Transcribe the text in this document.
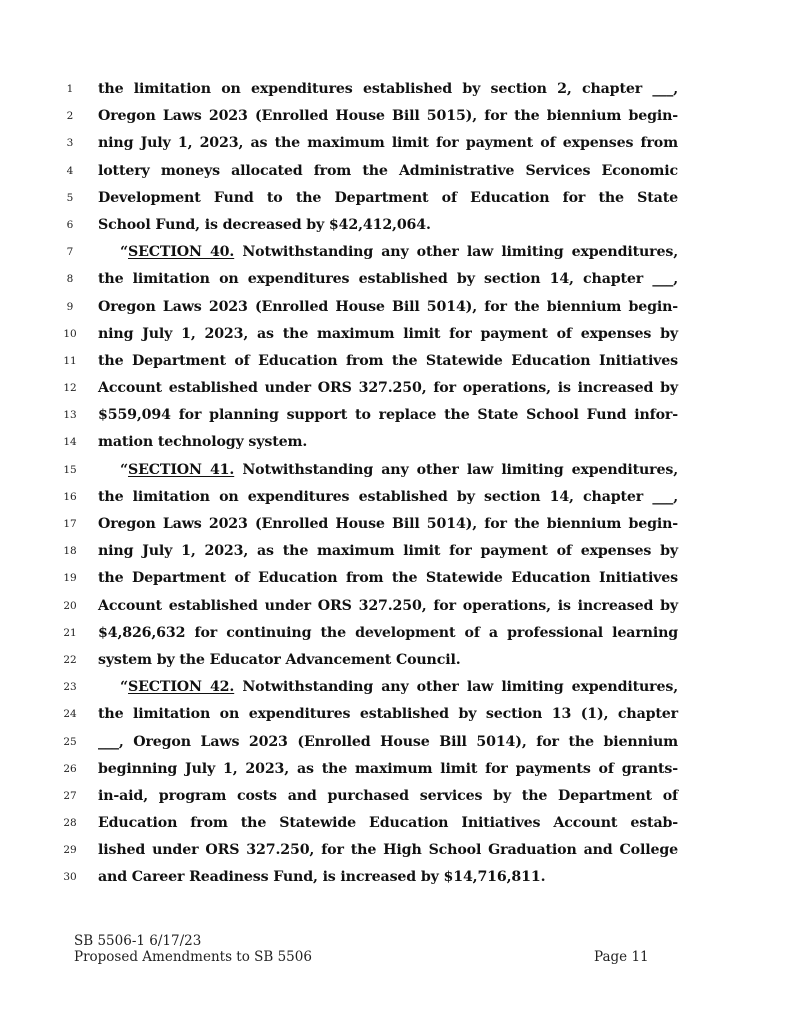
1	the limitation on expenditures established by section 2, chapter ___,
2	Oregon Laws 2023 (Enrolled House Bill 5015), for the biennium begin-
3	ning July 1, 2023, as the maximum limit for payment of expenses from
4	lottery moneys allocated from the Administrative Services Economic
5	Development Fund to the Department of Education for the State
6	School Fund, is decreased by $42,412,064.
7	“SECTION 40. Notwithstanding any other law limiting expenditures,
8	the limitation on expenditures established by section 14, chapter ___,
9	Oregon Laws 2023 (Enrolled House Bill 5014), for the biennium begin-
10	ning July 1, 2023, as the maximum limit for payment of expenses by
11	the Department of Education from the Statewide Education Initiatives
12	Account established under ORS 327.250, for operations, is increased by
13	$559,094 for planning support to replace the State School Fund infor-
14	mation technology system.
15	“SECTION 41. Notwithstanding any other law limiting expenditures,
16	the limitation on expenditures established by section 14, chapter ___,
17	Oregon Laws 2023 (Enrolled House Bill 5014), for the biennium begin-
18	ning July 1, 2023, as the maximum limit for payment of expenses by
19	the Department of Education from the Statewide Education Initiatives
20	Account established under ORS 327.250, for operations, is increased by
21	$4,826,632 for continuing the development of a professional learning
22	system by the Educator Advancement Council.
23	“SECTION 42. Notwithstanding any other law limiting expenditures,
24	the limitation on expenditures established by section 13 (1), chapter
25	___, Oregon Laws 2023 (Enrolled House Bill 5014), for the biennium
26	beginning July 1, 2023, as the maximum limit for payments of grants-
27	in-aid, program costs and purchased services by the Department of
28	Education from the Statewide Education Initiatives Account estab-
29	lished under ORS 327.250, for the High School Graduation and College
30	and Career Readiness Fund, is increased by $14,716,811.
SB 5506-1 6/17/23
Proposed Amendments to SB 5506	Page 11
